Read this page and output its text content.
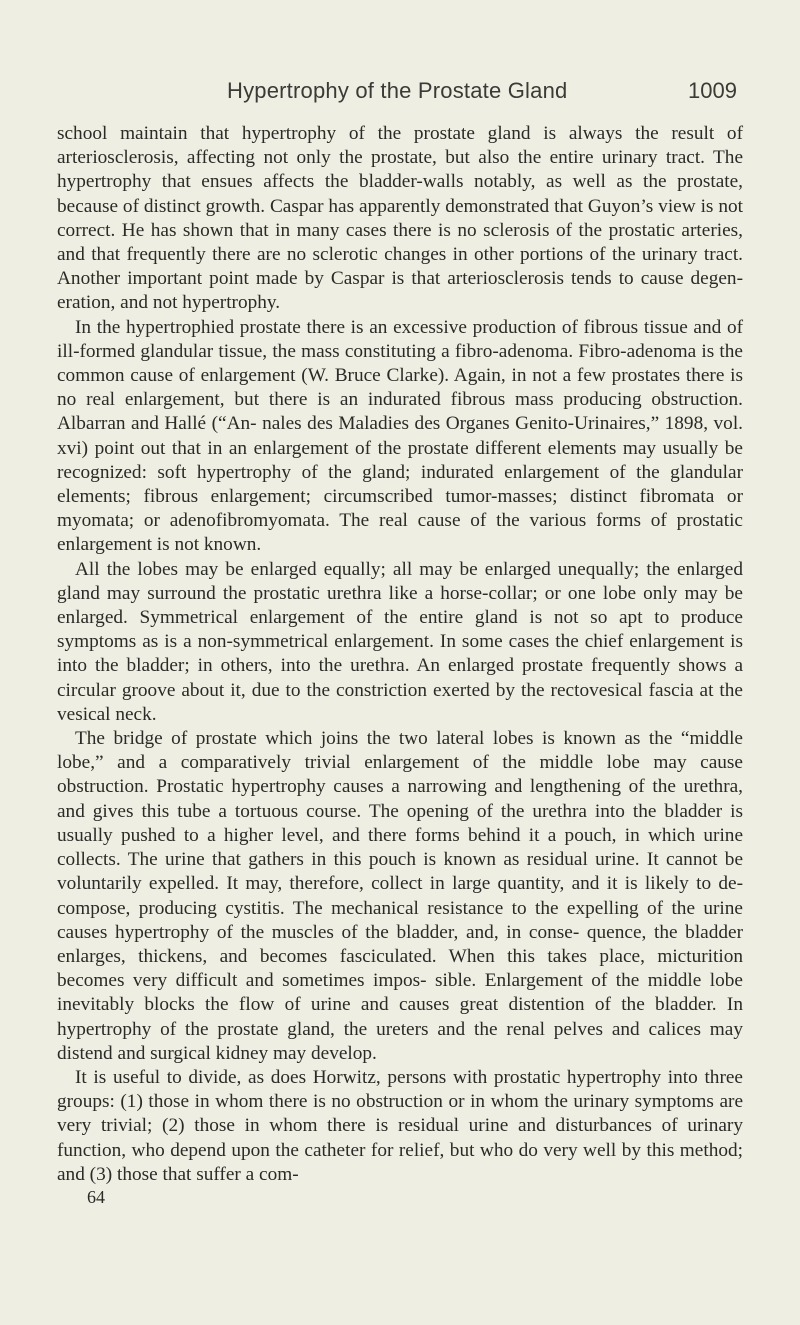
Hypertrophy of the Prostate Gland	1009

school maintain that hypertrophy of the prostate gland is always the result of arteriosclerosis, affecting not only the prostate, but also the entire urinary tract. The hypertrophy that ensues affects the bladder-walls notably, as well as the prostate, because of distinct growth. Caspar has apparently demonstrated that Guyon’s view is not correct. He has shown that in many cases there is no sclerosis of the prostatic arteries, and that frequently there are no sclerotic changes in other portions of the urinary tract. Another important point made by Caspar is that arteriosclerosis tends to cause degen- eration, and not hypertrophy.

In the hypertrophied prostate there is an excessive production of fibrous tissue and of ill-formed glandular tissue, the mass constituting a fibro-adenoma. Fibro-adenoma is the common cause of enlargement (W. Bruce Clarke). Again, in not a few prostates there is no real enlargement, but there is an indurated fibrous mass producing obstruction. Albarran and Hallé (“An- nales des Maladies des Organes Genito-Urinaires,” 1898, vol. xvi) point out that in an enlargement of the prostate different elements may usually be recognized: soft hypertrophy of the gland; indurated enlargement of the glandular elements; fibrous enlargement; circumscribed tumor-masses; distinct fibromata or myomata; or adenofibromyomata. The real cause of the various forms of prostatic enlargement is not known.

All the lobes may be enlarged equally; all may be enlarged unequally; the enlarged gland may surround the prostatic urethra like a horse-collar; or one lobe only may be enlarged. Symmetrical enlargement of the entire gland is not so apt to produce symptoms as is a non-symmetrical enlargement. In some cases the chief enlargement is into the bladder; in others, into the urethra. An enlarged prostate frequently shows a circular groove about it, due to the constriction exerted by the rectovesical fascia at the vesical neck.

The bridge of prostate which joins the two lateral lobes is known as the “middle lobe,” and a comparatively trivial enlargement of the middle lobe may cause obstruction. Prostatic hypertrophy causes a narrowing and lengthening of the urethra, and gives this tube a tortuous course. The opening of the urethra into the bladder is usually pushed to a higher level, and there forms behind it a pouch, in which urine collects. The urine that gathers in this pouch is known as residual urine. It cannot be voluntarily expelled. It may, therefore, collect in large quantity, and it is likely to de- compose, producing cystitis. The mechanical resistance to the expelling of the urine causes hypertrophy of the muscles of the bladder, and, in conse- quence, the bladder enlarges, thickens, and becomes fasciculated. When this takes place, micturition becomes very difficult and sometimes impos- sible. Enlargement of the middle lobe inevitably blocks the flow of urine and causes great distention of the bladder. In hypertrophy of the prostate gland, the ureters and the renal pelves and calices may distend and surgical kidney may develop.

It is useful to divide, as does Horwitz, persons with prostatic hypertrophy into three groups: (1) those in whom there is no obstruction or in whom the urinary symptoms are very trivial; (2) those in whom there is residual urine and disturbances of urinary function, who depend upon the catheter for relief, but who do very well by this method; and (3) those that suffer a com-

64
